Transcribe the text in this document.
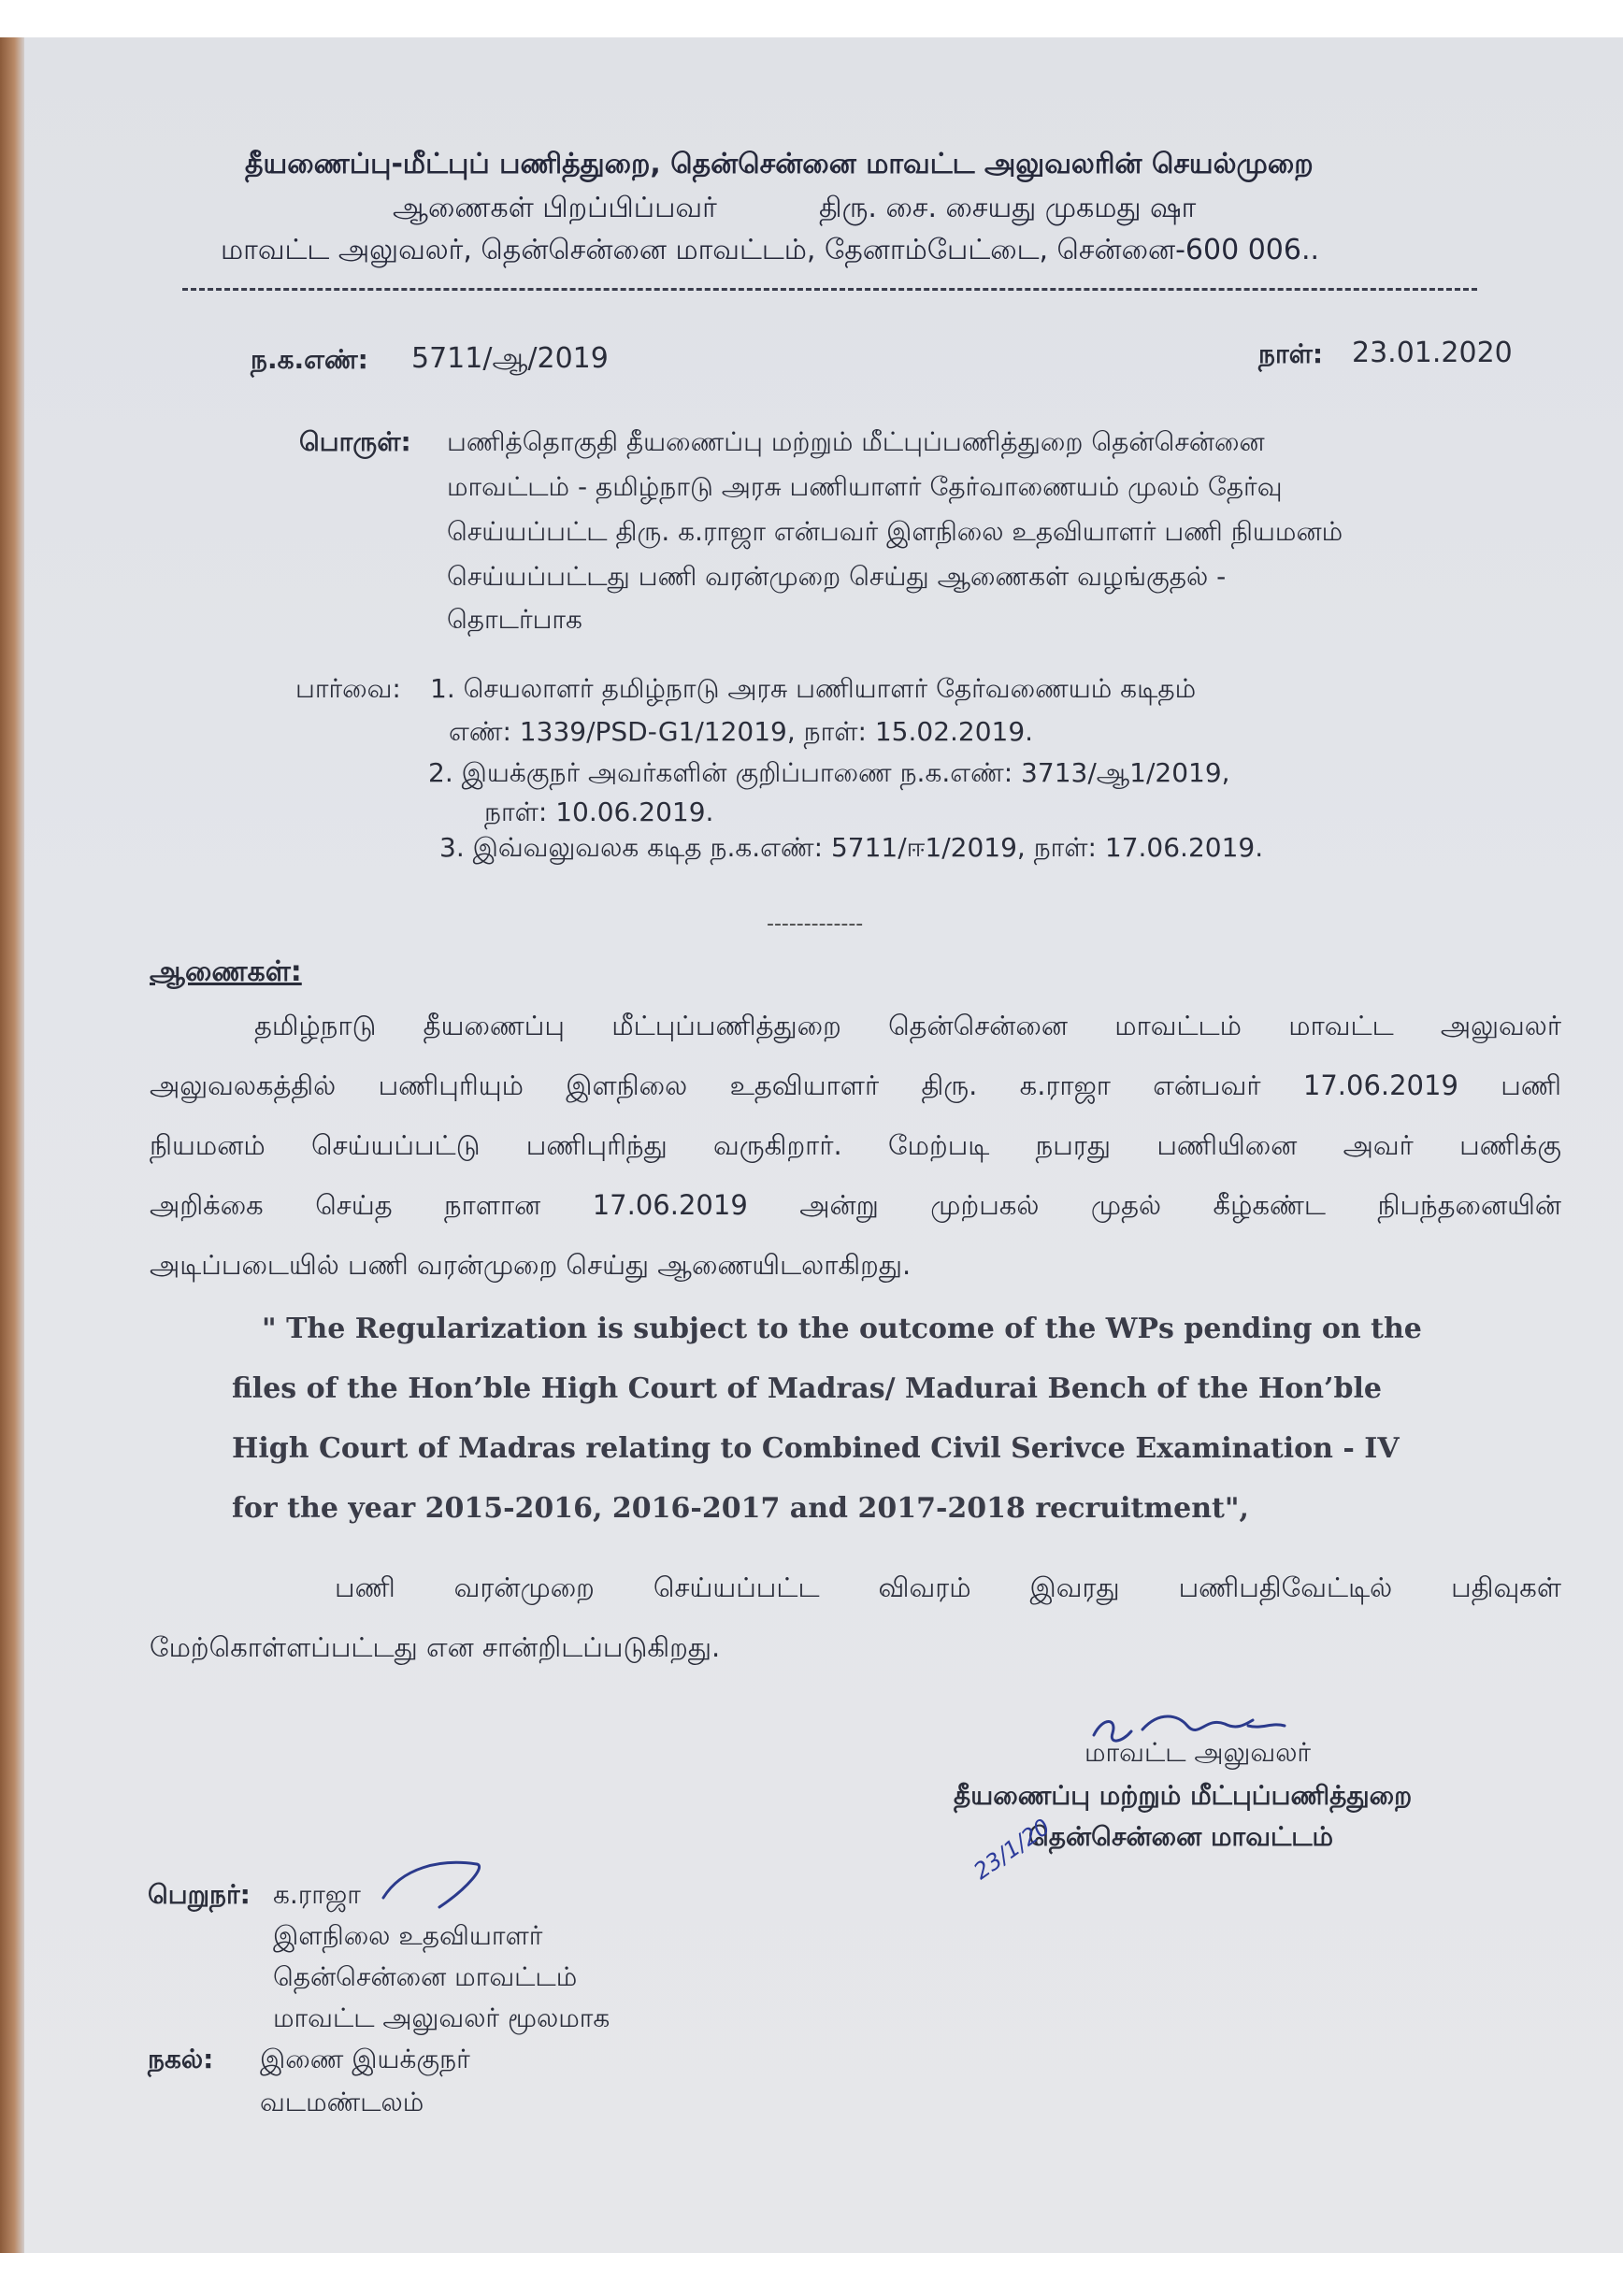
தீயணைப்பு-மீட்புப் பணித்துறை, தென்சென்னை மாவட்ட அலுவலரின் செயல்முறை
ஆணைகள் பிறப்பிப்பவர்	திரு. சை. சையது முகமது ஷா
மாவட்ட அலுவலர், தென்சென்னை மாவட்டம், தேனாம்பேட்டை, சென்னை-600 006..
ந.க.எண்: 5711/ஆ/2019	நாள்: 23.01.2020
பொருள்: பணித்தொகுதி தீயணைப்பு மற்றும் மீட்புப்பணித்துறை தென்சென்னை
மாவட்டம் - தமிழ்நாடு அரசு பணியாளர் தேர்வாணையம் முலம் தேர்வு
செய்யப்பட்ட திரு. க.ராஜா என்பவர் இளநிலை உதவியாளர் பணி நியமனம்
செய்யப்பட்டது பணி வரன்முறை செய்து ஆணைகள் வழங்குதல் -
தொடர்பாக
பார்வை: 1. செயலாளர் தமிழ்நாடு அரசு பணியாளர் தேர்வணையம் கடிதம்
எண்: 1339/PSD-G1/12019, நாள்: 15.02.2019.
2. இயக்குநர் அவர்களின் குறிப்பாணை ந.க.எண்: 3713/ஆ1/2019,
நாள்: 10.06.2019.
3. இவ்வலுவலக கடித ந.க.எண்: 5711/ஈ1/2019, நாள்: 17.06.2019.
-------------
ஆணைகள்:
தமிழ்நாடு தீயணைப்பு மீட்புப்பணித்துறை தென்சென்னை மாவட்டம் மாவட்ட அலுவலர்
அலுவலகத்தில் பணிபுரியும் இளநிலை உதவியாளர் திரு. க.ராஜா என்பவர் 17.06.2019 பணி
நியமனம் செய்யப்பட்டு பணிபுரிந்து வருகிறார். மேற்படி நபரது பணியினை அவர் பணிக்கு
அறிக்கை செய்த நாளான 17.06.2019 அன்று முற்பகல் முதல் கீழ்கண்ட நிபந்தனையின்
அடிப்படையில் பணி வரன்முறை செய்து ஆணையிடலாகிறது.
" The Regularization is subject to the outcome of the WPs pending on the
files of the Hon’ble High Court of Madras/ Madurai Bench of the Hon’ble
High Court of Madras relating to Combined Civil Serivce Examination - IV
for the year 2015-2016, 2016-2017 and 2017-2018 recruitment",
பணி வரன்முறை செய்யப்பட்ட விவரம் இவரது பணிபதிவேட்டில் பதிவுகள்
மேற்கொள்ளப்பட்டது என சான்றிடப்படுகிறது.
மாவட்ட அலுவலர்
தீயணைப்பு மற்றும் மீட்புப்பணித்துறை
தென்சென்னை மாவட்டம்
23/1/20
பெறுநர்: க.ராஜா
இளநிலை உதவியாளர்
தென்சென்னை மாவட்டம்
மாவட்ட அலுவலர் மூலமாக
நகல்: இணை இயக்குநர்
வடமண்டலம்
